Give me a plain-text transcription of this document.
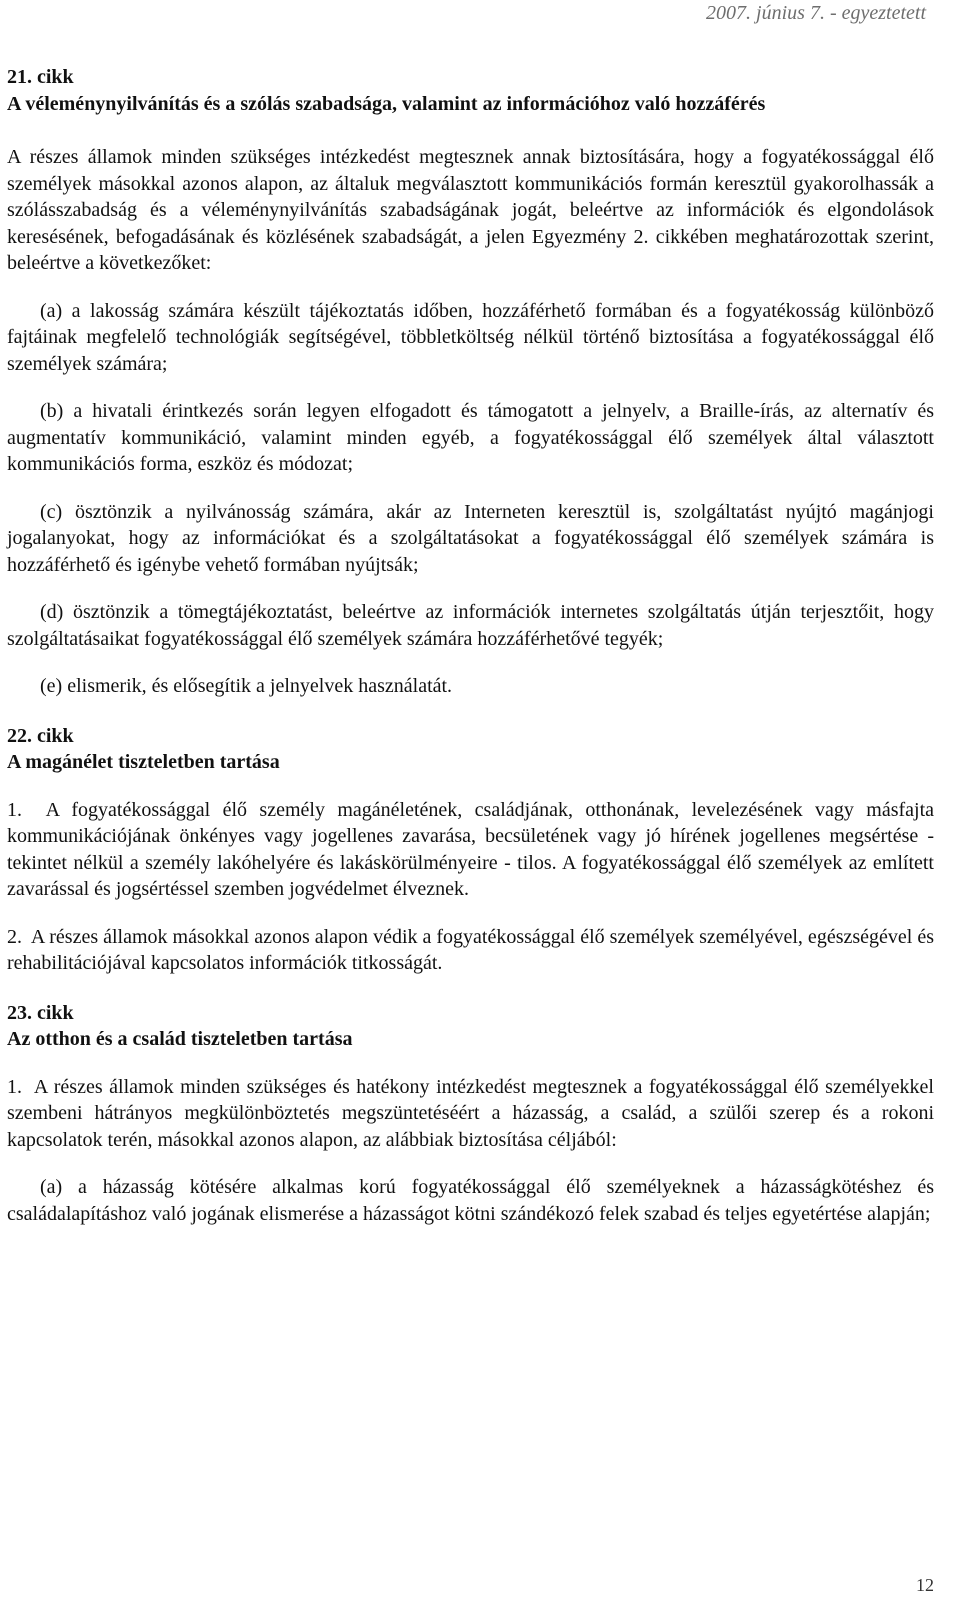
2007. június 7. - egyeztetett

21. cikk

A véleménynyilvánítás és a szólás szabadsága, valamint az információhoz való hozzáférés

A részes államok minden szükséges intézkedést megtesznek annak biztosítására, hogy a fogyatékossággal élő személyek másokkal azonos alapon, az általuk megválasztott kommunikációs formán keresztül gyakorolhassák a szólásszabadság és a véleménynyilvánítás szabadságának jogát, beleértve az információk és elgondolások keresésének, befogadásának és közlésének szabadságát, a jelen Egyezmény 2. cikkében meghatározottak szerint, beleértve a következőket:

(a) a lakosság számára készült tájékoztatás időben, hozzáférhető formában és a fogyatékosság különböző fajtáinak megfelelő technológiák segítségével, többletköltség nélkül történő biztosítása a fogyatékossággal élő személyek számára;

(b) a hivatali érintkezés során legyen elfogadott és támogatott a jelnyelv, a Braille-írás, az alternatív és augmentatív kommunikáció, valamint minden egyéb, a fogyatékossággal élő személyek által választott kommunikációs forma, eszköz és módozat;

(c) ösztönzik a nyilvánosság számára, akár az Interneten keresztül is, szolgáltatást nyújtó magánjogi jogalanyokat, hogy az információkat és a szolgáltatásokat a fogyatékossággal élő személyek számára is hozzáférhető és igénybe vehető formában nyújtsák;

(d) ösztönzik a tömegtájékoztatást, beleértve az információk internetes szolgáltatás útján terjesztőit, hogy szolgáltatásaikat fogyatékossággal élő személyek számára hozzáférhetővé tegyék;

(e) elismerik, és elősegítik a jelnyelvek használatát.

22. cikk

A magánélet tiszteletben tartása

1.  A fogyatékossággal élő személy magánéletének, családjának, otthonának, levelezésének vagy másfajta kommunikációjának önkényes vagy jogellenes zavarása, becsületének vagy jó hírének jogellenes megsértése - tekintet nélkül a személy lakóhelyére és lakáskörülményeire - tilos. A fogyatékossággal élő személyek az említett zavarással és jogsértéssel szemben jogvédelmet élveznek.

2.  A részes államok másokkal azonos alapon védik a fogyatékossággal élő személyek személyével, egészségével és rehabilitációjával kapcsolatos információk titkosságát.

23. cikk

Az otthon és a család tiszteletben tartása

1.  A részes államok minden szükséges és hatékony intézkedést megtesznek a fogyatékossággal élő személyekkel szembeni hátrányos megkülönböztetés megszüntetéséért a házasság, a család, a szülői szerep és a rokoni kapcsolatok terén, másokkal azonos alapon, az alábbiak biztosítása céljából:

(a) a házasság kötésére alkalmas korú fogyatékossággal élő személyeknek a házasságkötéshez és családalapításhoz való jogának elismerése a házasságot kötni szándékozó felek szabad és teljes egyetértése alapján;

12
